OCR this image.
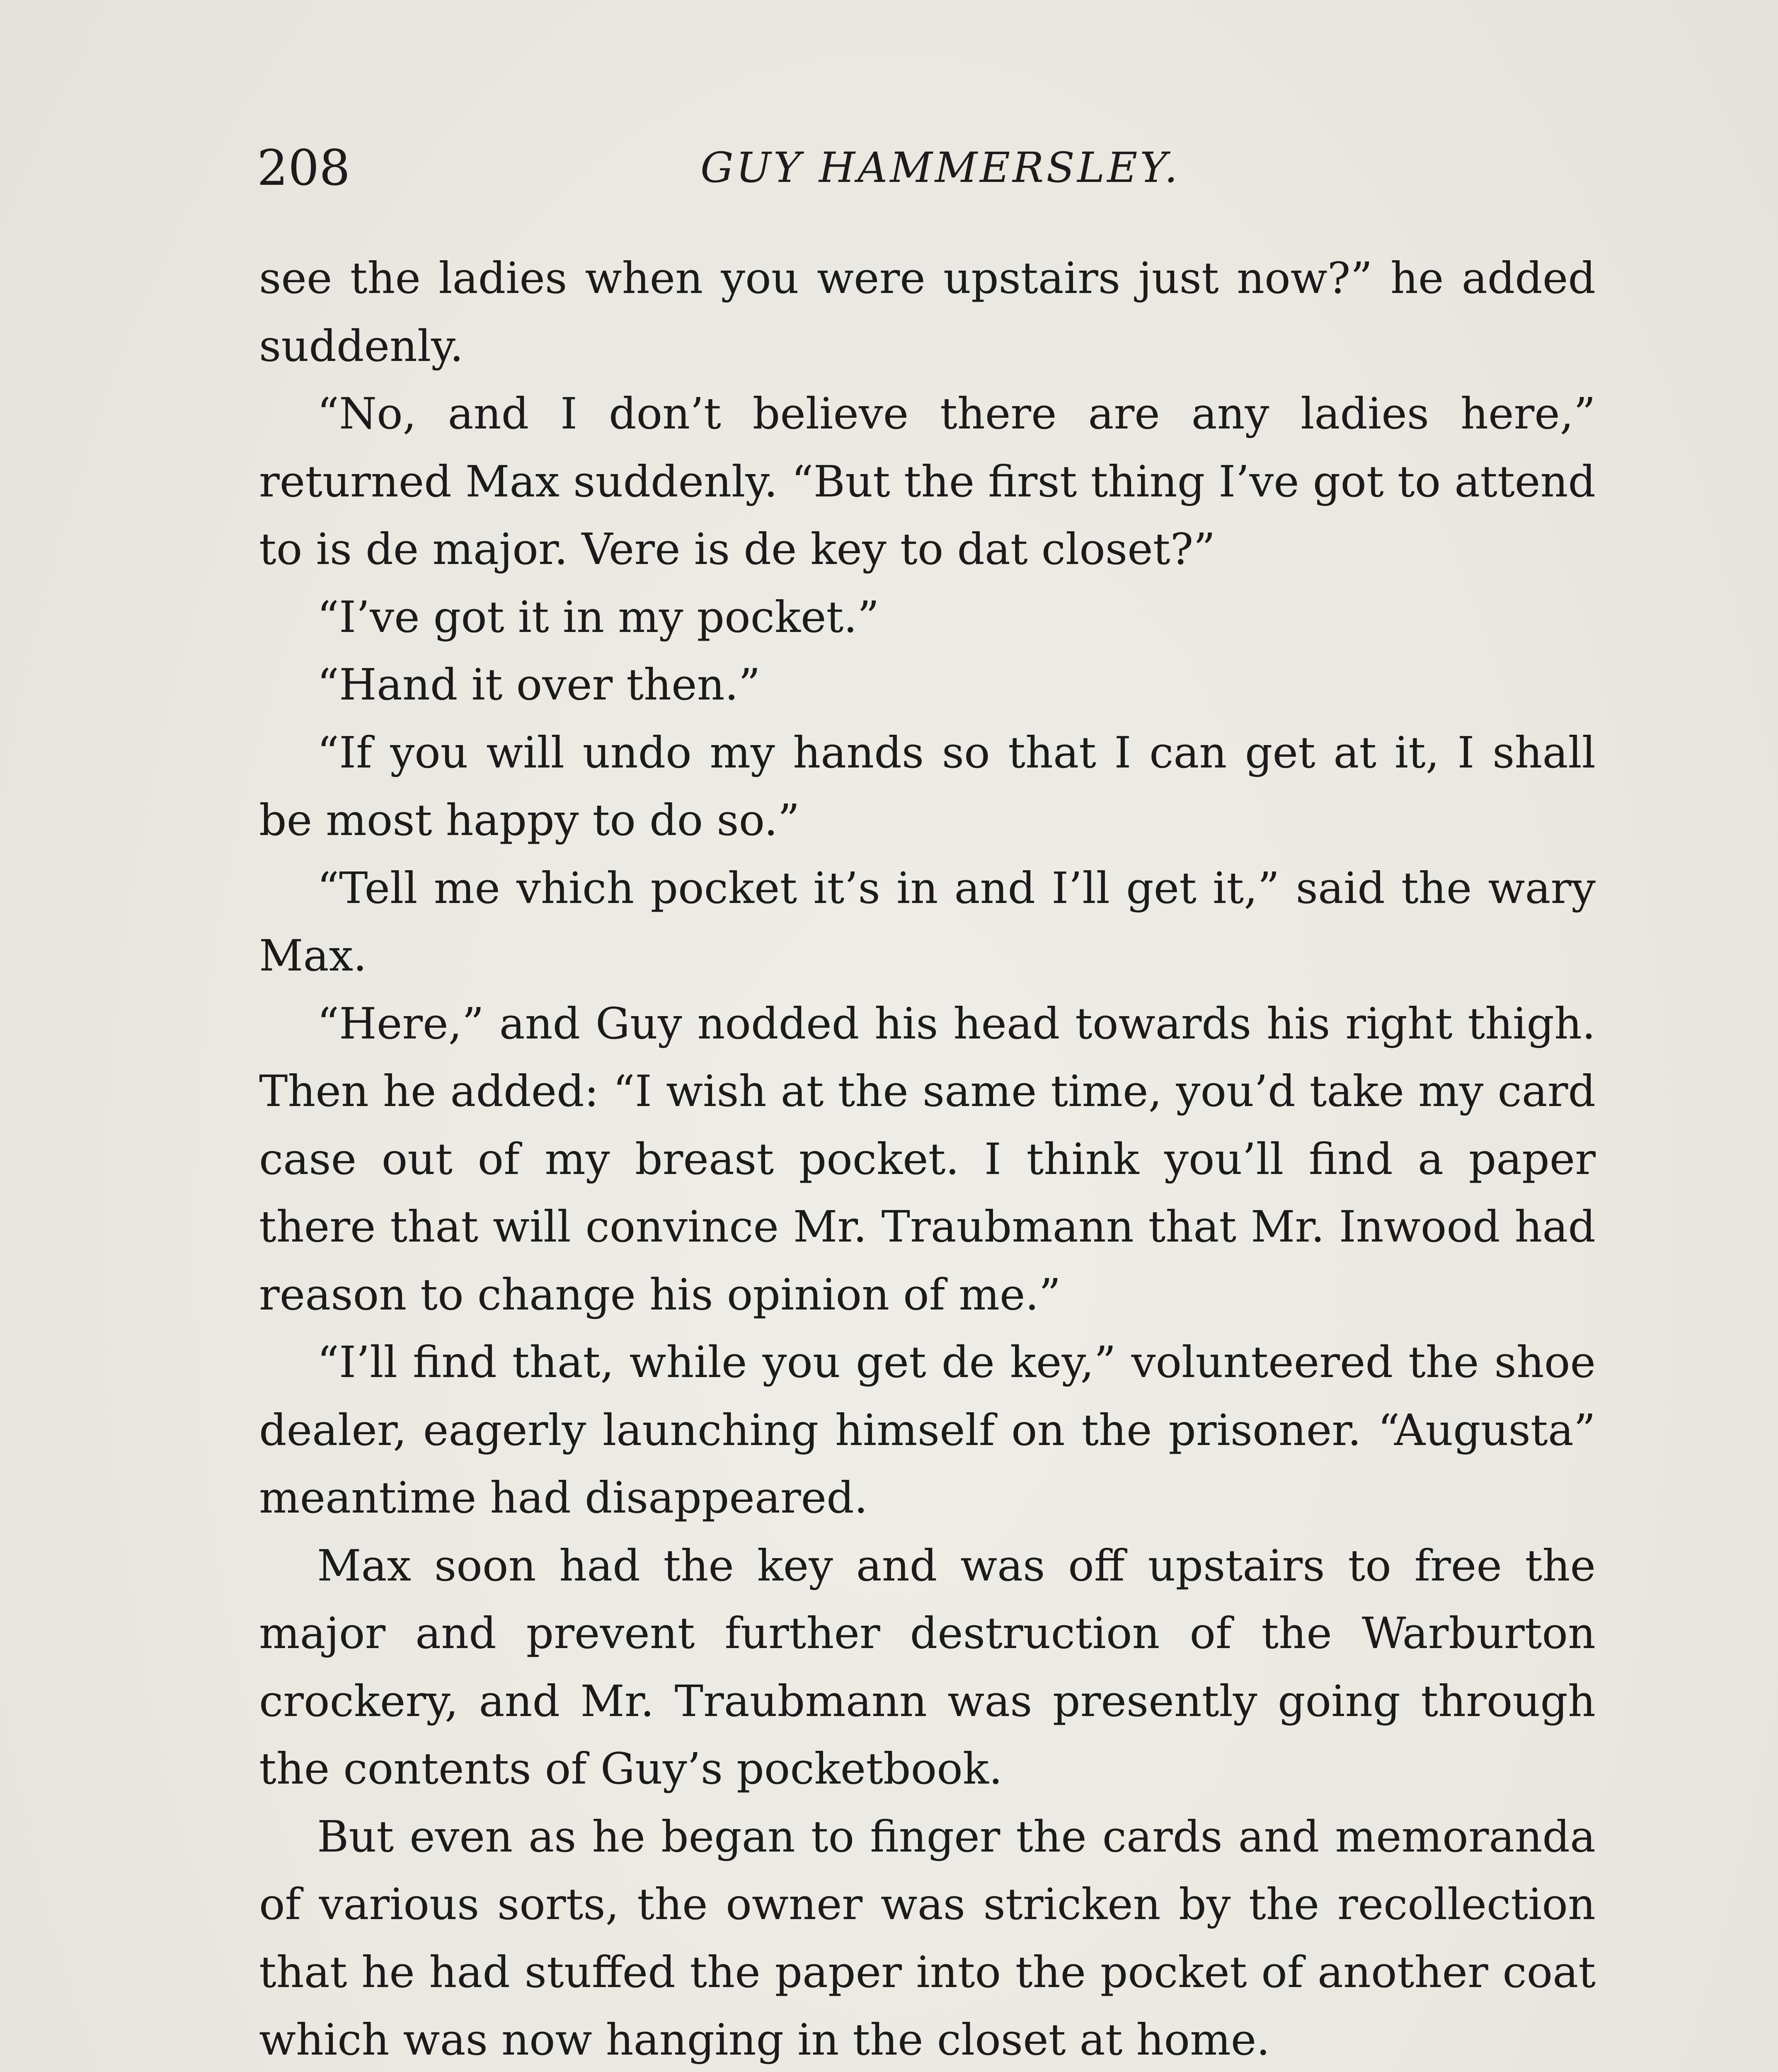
208	GUY HAMMERSLEY.

see the ladies when you were upstairs just now?” he added suddenly.

“No, and I don’t believe there are any ladies here,” returned Max suddenly. “But the first thing I’ve got to attend to is de major. Vere is de key to dat closet?”

“I’ve got it in my pocket.”

“Hand it over then.”

“If you will undo my hands so that I can get at it, I shall be most happy to do so.”

“Tell me vhich pocket it’s in and I’ll get it,” said the wary Max.

“Here,” and Guy nodded his head towards his right thigh. Then he added: “I wish at the same time, you’d take my card case out of my breast pocket. I think you’ll find a paper there that will convince Mr. Traubmann that Mr. Inwood had reason to change his opinion of me.”

“I’ll find that, while you get de key,” volunteered the shoe dealer, eagerly launching himself on the prisoner. “Augusta” meantime had disappeared.

Max soon had the key and was off upstairs to free the major and prevent further destruction of the Warburton crockery, and Mr. Traubmann was presently going through the contents of Guy’s pocketbook.

But even as he began to finger the cards and memoranda of various sorts, the owner was stricken by the recollection that he had stuffed the paper into the pocket of another coat which was now hanging in the closet at home.
